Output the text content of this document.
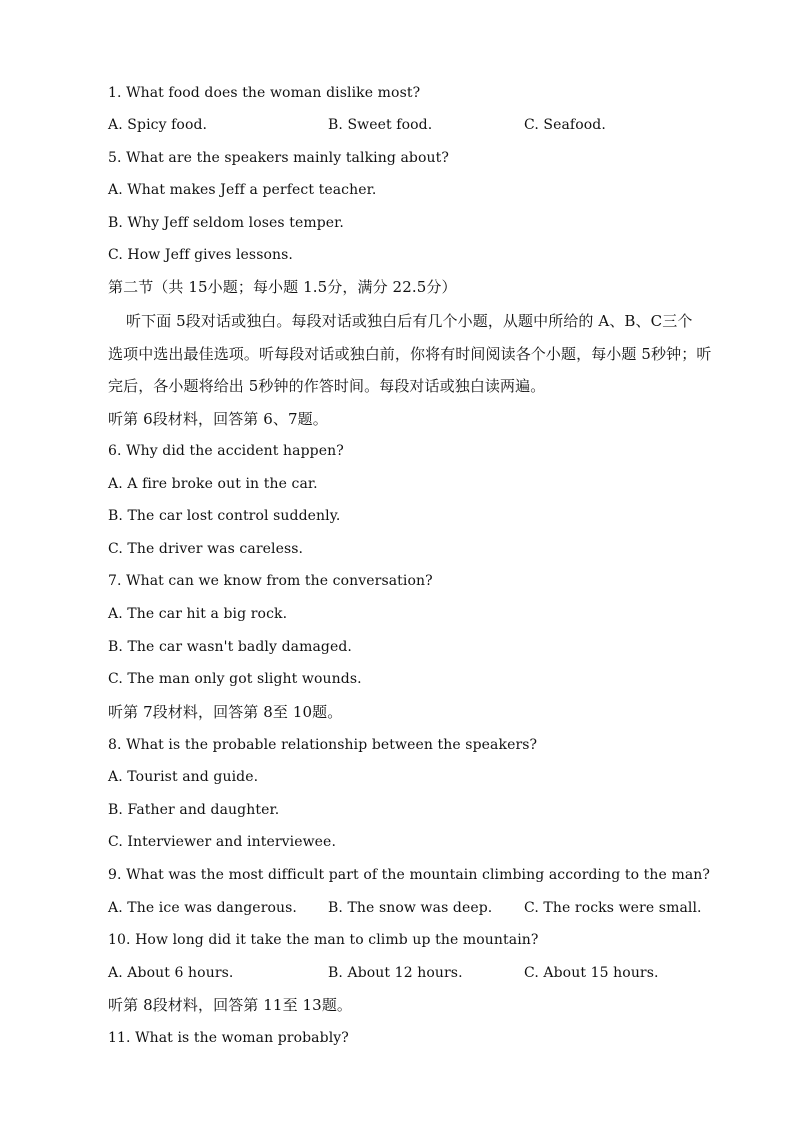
1. What food does the woman dislike most?
A. Spicy food.	B. Sweet food.	C. Seafood.
5. What are the speakers mainly talking about?
A. What makes Jeff a perfect teacher.
B. Why Jeff seldom loses temper.
C. How Jeff gives lessons.
第二节（共 15小题；每小题 1.5分，满分 22.5分）
听下面 5段对话或独白。每段对话或独白后有几个小题，从题中所给的 A、B、C三个
选项中选出最佳选项。听每段对话或独白前，你将有时间阅读各个小题，每小题 5秒钟；听
完后，各小题将给出 5秒钟的作答时间。每段对话或独白读两遍。
听第 6段材料，回答第 6、7题。
6. Why did the accident happen?
A. A fire broke out in the car.
B. The car lost control suddenly.
C. The driver was careless.
7. What can we know from the conversation?
A. The car hit a big rock.
B. The car wasn't badly damaged.
C. The man only got slight wounds.
听第 7段材料，回答第 8至 10题。
8. What is the probable relationship between the speakers?
A. Tourist and guide.
B. Father and daughter.
C. Interviewer and interviewee.
9. What was the most difficult part of the mountain climbing according to the man?
A. The ice was dangerous. B. The snow was deep. C. The rocks were small.
10. How long did it take the man to climb up the mountain?
A. About 6 hours.	B. About 12 hours.	C. About 15 hours.
听第 8段材料，回答第 11至 13题。
11. What is the woman probably?
